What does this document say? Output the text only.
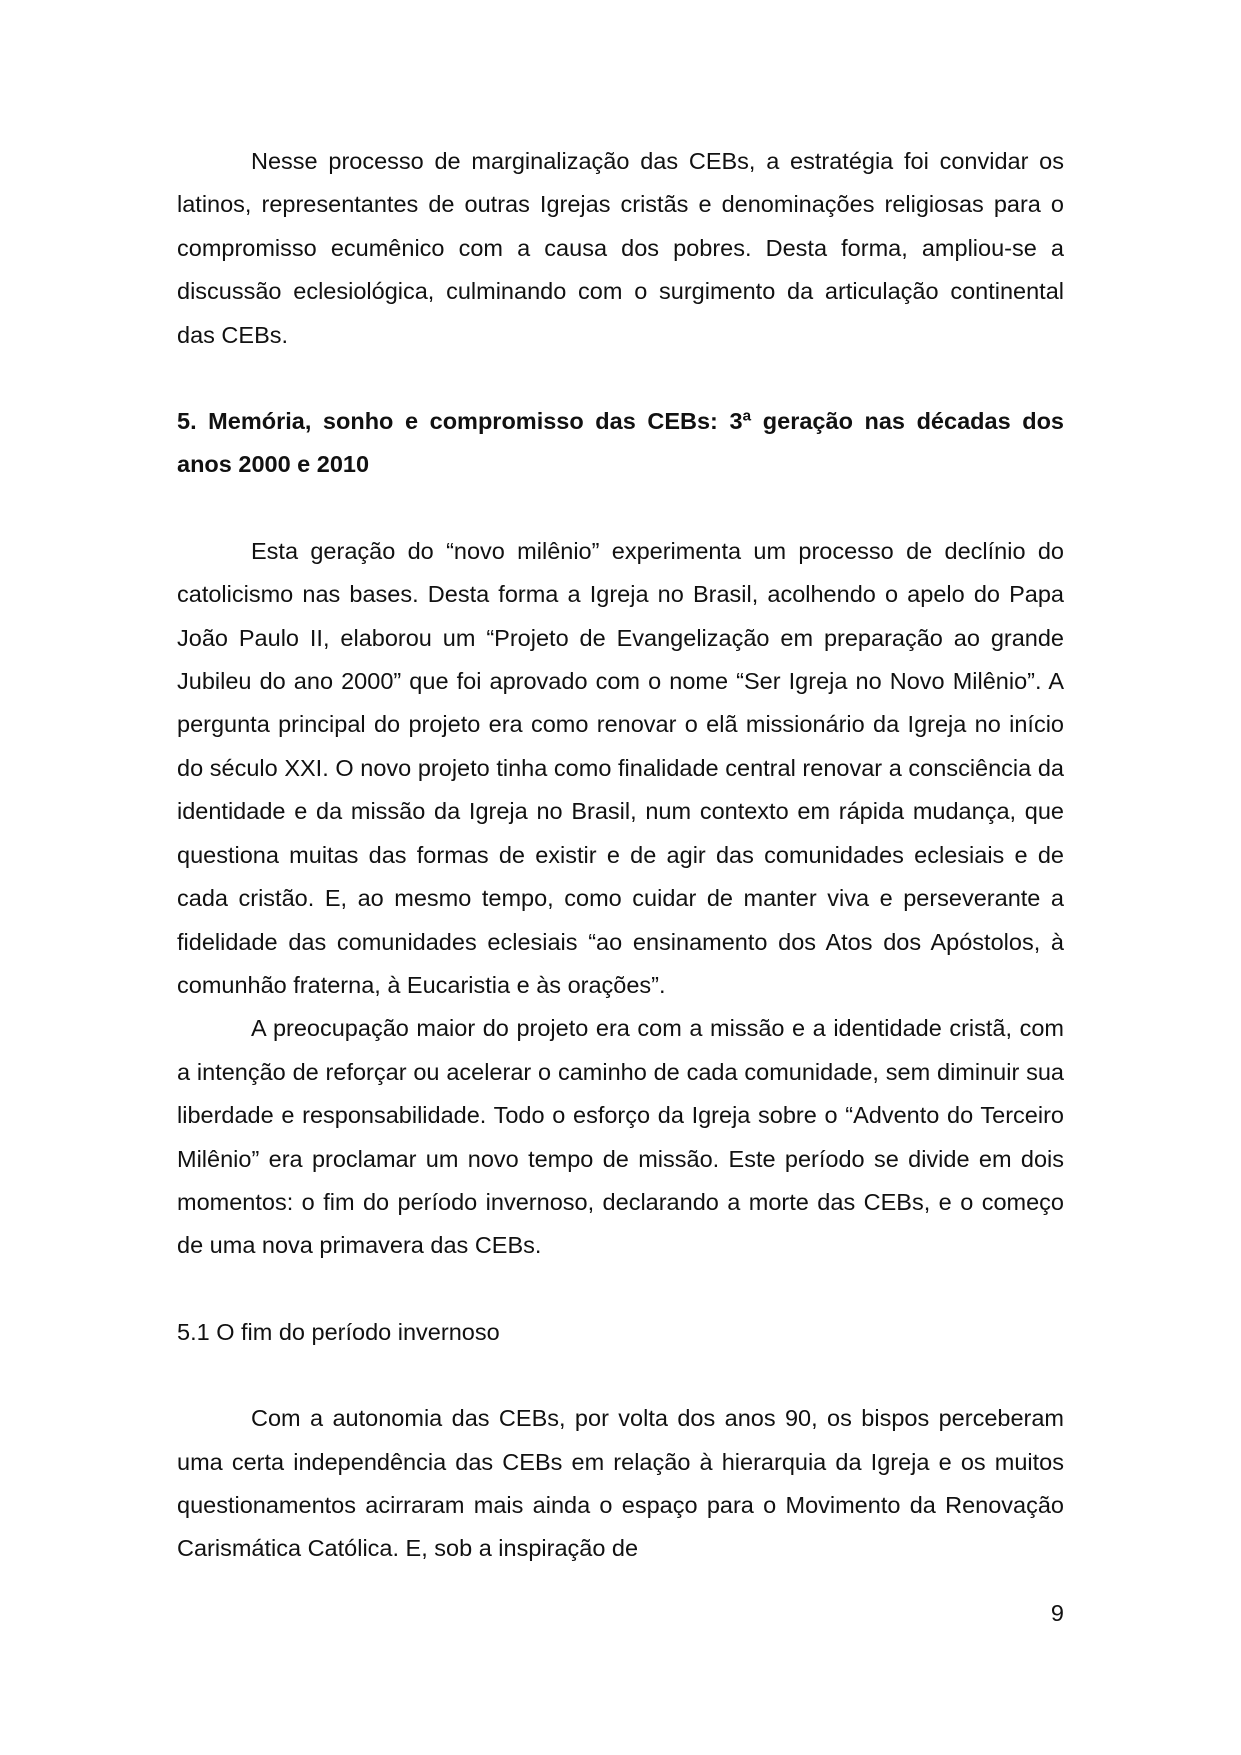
Nesse processo de marginalização das CEBs, a estratégia foi convidar os latinos, representantes de outras Igrejas cristãs e denominações religiosas para o compromisso ecumênico com a causa dos pobres. Desta forma, ampliou-se a discussão eclesiológica, culminando com o surgimento da articulação continental das CEBs.

5. Memória, sonho e compromisso das CEBs: 3ª geração nas décadas dos anos 2000 e 2010

Esta geração do “novo milênio” experimenta um processo de declínio do catolicismo nas bases. Desta forma a Igreja no Brasil, acolhendo o apelo do Papa João Paulo II, elaborou um “Projeto de Evangelização em preparação ao grande Jubileu do ano 2000” que foi aprovado com o nome “Ser Igreja no Novo Milênio”. A pergunta principal do projeto era como renovar o elã missionário da Igreja no início do século XXI. O novo projeto tinha como finalidade central renovar a consciência da identidade e da missão da Igreja no Brasil, num contexto em rápida mudança, que questiona muitas das formas de existir e de agir das comunidades eclesiais e de cada cristão. E, ao mesmo tempo, como cuidar de manter viva e perseverante a fidelidade das comunidades eclesiais “ao ensinamento dos Atos dos Apóstolos, à comunhão fraterna, à Eucaristia e às orações”.

A preocupação maior do projeto era com a missão e a identidade cristã, com a intenção de reforçar ou acelerar o caminho de cada comunidade, sem diminuir sua liberdade e responsabilidade. Todo o esforço da Igreja sobre o “Advento do Terceiro Milênio” era proclamar um novo tempo de missão. Este período se divide em dois momentos: o fim do período invernoso, declarando a morte das CEBs, e o começo de uma nova primavera das CEBs.

5.1 O fim do período invernoso

Com a autonomia das CEBs, por volta dos anos 90, os bispos perceberam uma certa independência das CEBs em relação à hierarquia da Igreja e os muitos questionamentos acirraram mais ainda o espaço para o Movimento da Renovação Carismática Católica. E, sob a inspiração de

9
